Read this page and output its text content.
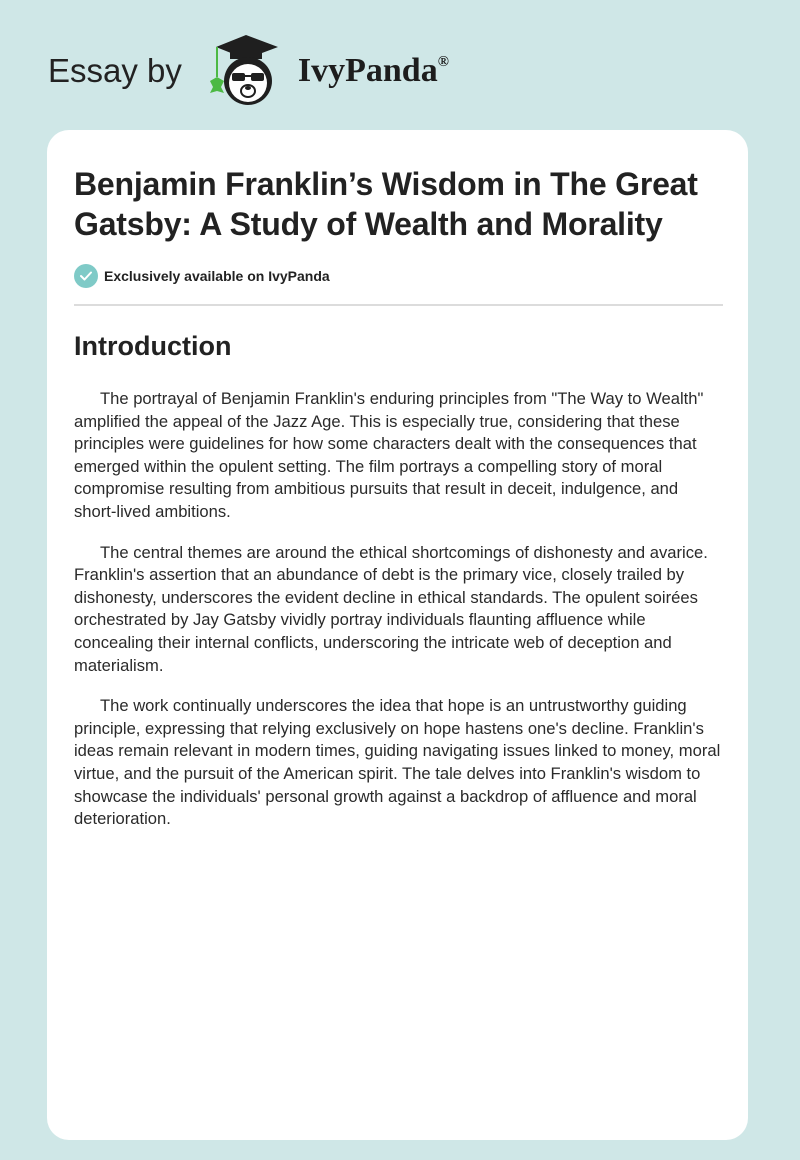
Essay by	IvyPanda®
Benjamin Franklin’s Wisdom in The Great Gatsby: A Study of Wealth and Morality
Exclusively available on IvyPanda
Introduction

The portrayal of Benjamin Franklin's enduring principles from "The Way to Wealth" amplified the appeal of the Jazz Age. This is especially true, considering that these principles were guidelines for how some characters dealt with the consequences that emerged within the opulent setting. The film portrays a compelling story of moral compromise resulting from ambitious pursuits that result in deceit, indulgence, and short-lived ambitions.

The central themes are around the ethical shortcomings of dishonesty and avarice. Franklin's assertion that an abundance of debt is the primary vice, closely trailed by dishonesty, underscores the evident decline in ethical standards. The opulent soirées orchestrated by Jay Gatsby vividly portray individuals flaunting affluence while concealing their internal conflicts, underscoring the intricate web of deception and materialism.

The work continually underscores the idea that hope is an untrustworthy guiding principle, expressing that relying exclusively on hope hastens one's decline. Franklin's ideas remain relevant in modern times, guiding navigating issues linked to money, moral virtue, and the pursuit of the American spirit. The tale delves into Franklin's wisdom to showcase the individuals' personal growth against a backdrop of affluence and moral deterioration.
